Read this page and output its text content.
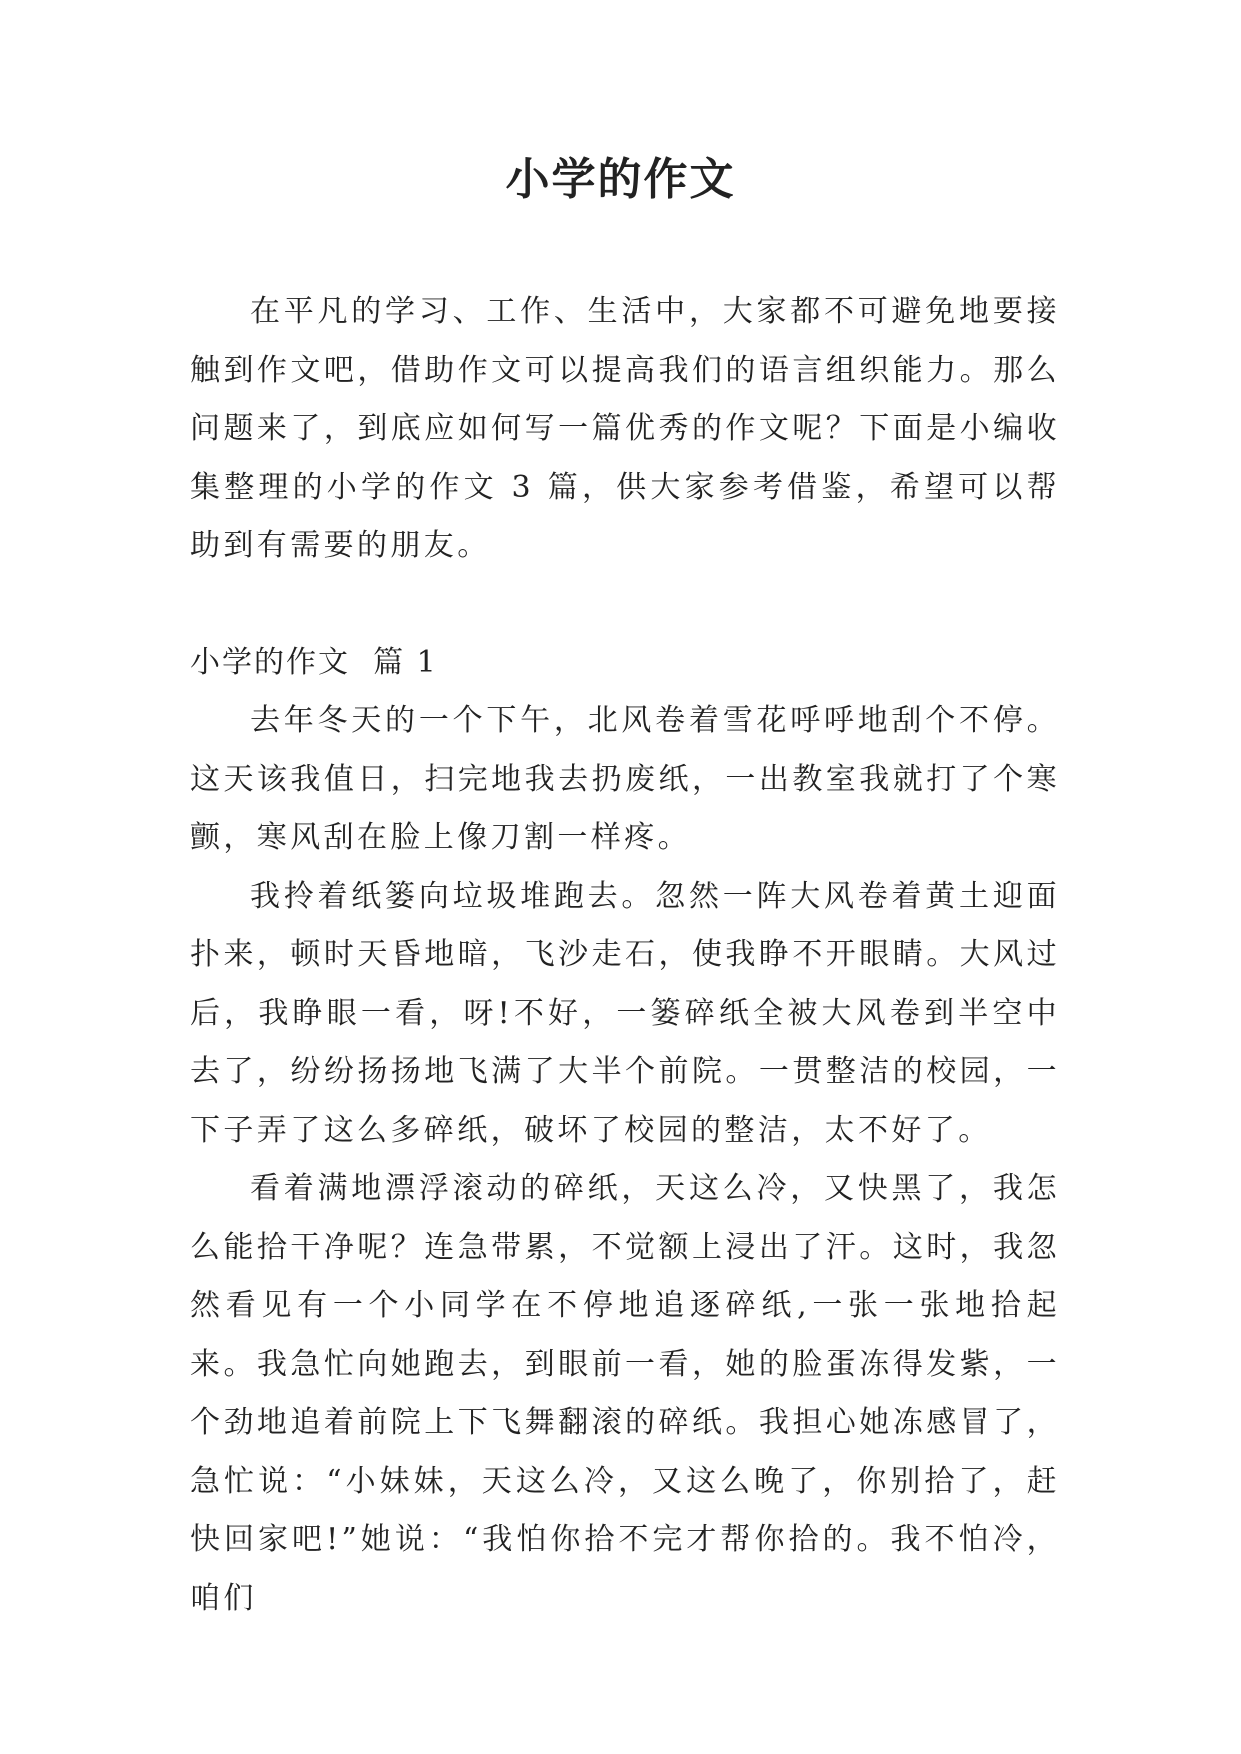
小学的作文

在平凡的学习、工作、生活中，大家都不可避免地要接触到作文吧，借助作文可以提高我们的语言组织能力。那么问题来了，到底应如何写一篇优秀的作文呢？下面是小编收集整理的小学的作文 3 篇，供大家参考借鉴，希望可以帮助到有需要的朋友。

小学的作文  篇 1

去年冬天的一个下午，北风卷着雪花呼呼地刮个不停。这天该我值日，扫完地我去扔废纸，一出教室我就打了个寒颤，寒风刮在脸上像刀割一样疼。

我拎着纸篓向垃圾堆跑去。忽然一阵大风卷着黄土迎面扑来，顿时天昏地暗，飞沙走石，使我睁不开眼睛。大风过后，我睁眼一看，呀!不好，一篓碎纸全被大风卷到半空中去了，纷纷扬扬地飞满了大半个前院。一贯整洁的校园，一下子弄了这么多碎纸，破坏了校园的整洁，太不好了。

看着满地漂浮滚动的碎纸，天这么冷，又快黑了，我怎么能拾干净呢？连急带累，不觉额上浸出了汗。这时，我忽然看见有一个小同学在不停地追逐碎纸,一张一张地拾起来。我急忙向她跑去，到眼前一看，她的脸蛋冻得发紫，一个劲地追着前院上下飞舞翻滚的碎纸。我担心她冻感冒了，急忙说：“小妹妹，天这么冷，又这么晚了，你别拾了，赶快回家吧!”她说：“我怕你拾不完才帮你拾的。我不怕冷，咱们
